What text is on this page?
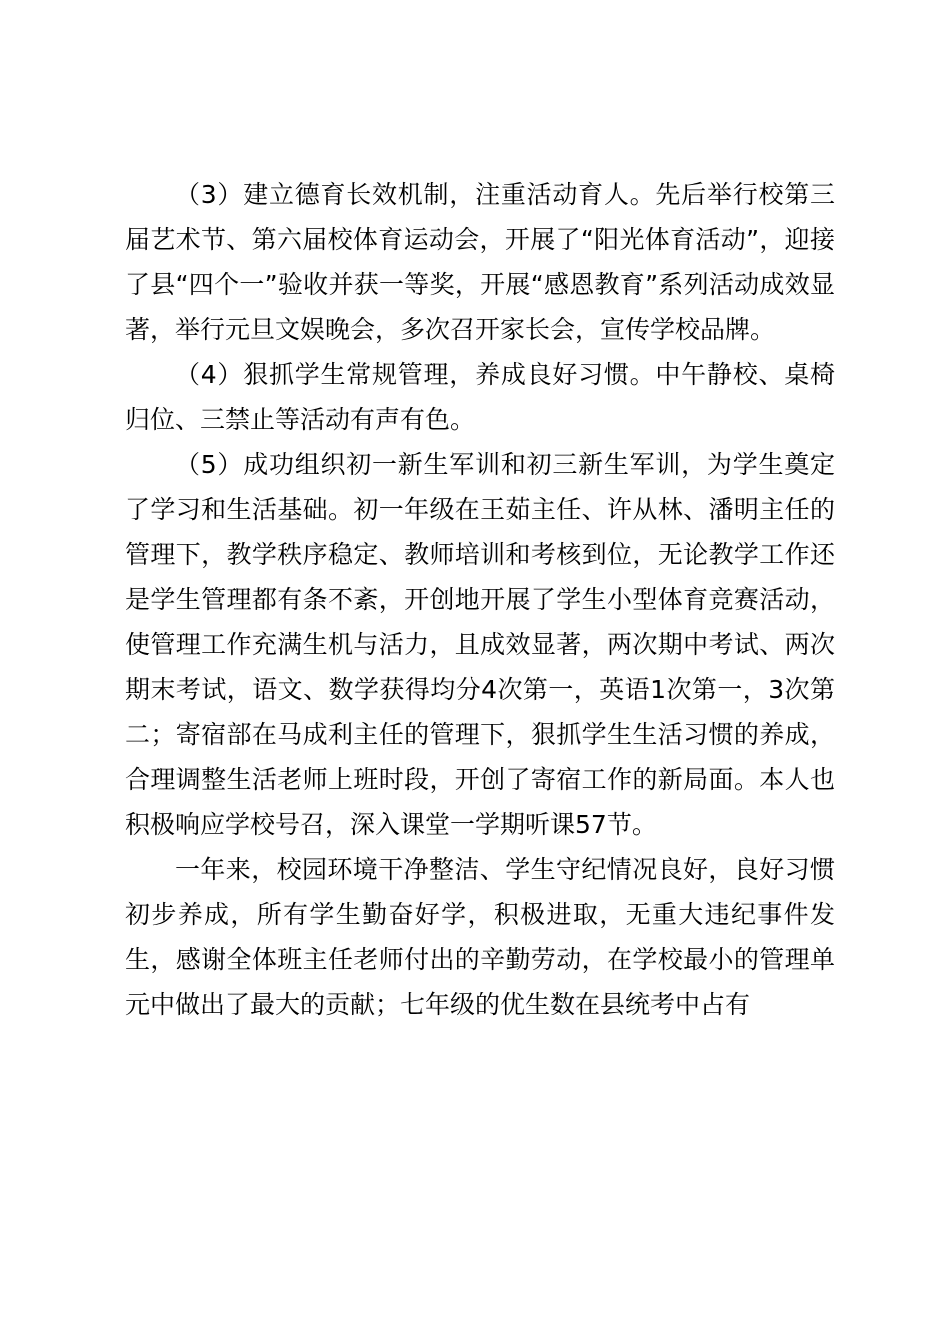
（3）建立德育长效机制，注重活动育人。先后举行校第三届艺术节、第六届校体育运动会，开展了“阳光体育活动”，迎接了县“四个一”验收并获一等奖，开展“感恩教育”系列活动成效显著，举行元旦文娱晚会，多次召开家长会，宣传学校品牌。

（4）狠抓学生常规管理，养成良好习惯。中午静校、桌椅归位、三禁止等活动有声有色。

（5）成功组织初一新生军训和初三新生军训，为学生奠定了学习和生活基础。初一年级在王茹主任、许从林、潘明主任的管理下，教学秩序稳定、教师培训和考核到位，无论教学工作还是学生管理都有条不紊，开创地开展了学生小型体育竞赛活动，使管理工作充满生机与活力，且成效显著，两次期中考试、两次期末考试，语文、数学获得均分4次第一，英语1次第一，3次第二；寄宿部在马成利主任的管理下，狠抓学生生活习惯的养成，合理调整生活老师上班时段，开创了寄宿工作的新局面。本人也积极响应学校号召，深入课堂一学期听课57节。

一年来，校园环境干净整洁、学生守纪情况良好，良好习惯初步养成，所有学生勤奋好学，积极进取，无重大违纪事件发生，感谢全体班主任老师付出的辛勤劳动，在学校最小的管理单元中做出了最大的贡献；七年级的优生数在县统考中占有
